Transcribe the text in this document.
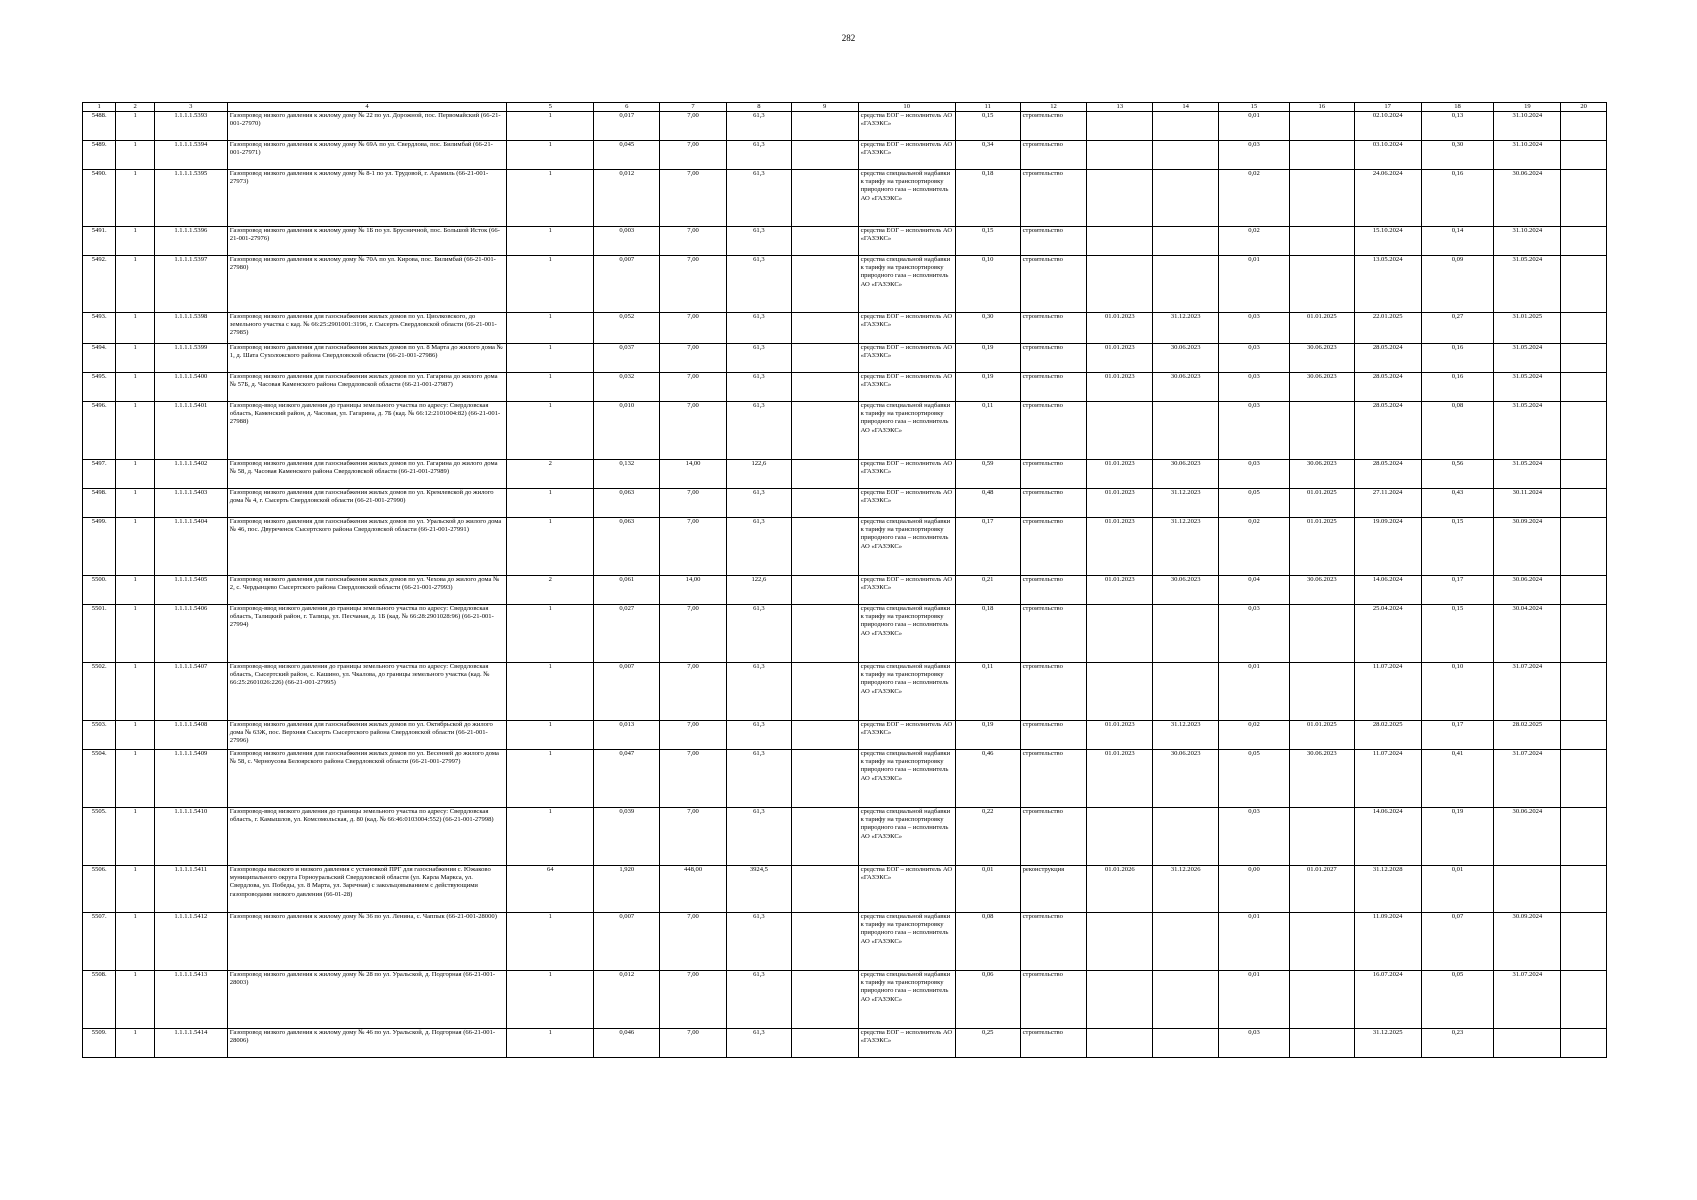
282
1	2	3	4	5	6	7	8	9	10	11	12	13	14	15	16	17	18	19	20
5488.	1	1.1.1.1.5393	Газопровод низкого давления к жилому дому № 22 по ул. Дорожной, пос. Первомайский (66-21-001-27970)	1	0,017	7,00	61,3		средства ЕОГ – исполнитель АО «ГАЗЭКС»	0,15	строительство			0,01		02.10.2024	0,13	31.10.2024	
5489.	1	1.1.1.1.5394	Газопровод низкого давления к жилому дому № 69А по ул. Свердлова, пос. Билимбай (66-21-001-27971)	1	0,045	7,00	61,3		средства ЕОГ – исполнитель АО «ГАЗЭКС»	0,34	строительство			0,03		03.10.2024	0,30	31.10.2024	
5490.	1	1.1.1.1.5395	Газопровод низкого давления к жилому дому № 8-1 по ул. Трудовой, г. Арамиль (66-21-001-27973)	1	0,012	7,00	61,3		средства специальной надбавки к тарифу на транспортировку природного газа – исполнитель АО «ГАЗЭКС»	0,18	строительство			0,02		24.06.2024	0,16	30.06.2024	
5491.	1	1.1.1.1.5396	Газопровод низкого давления к жилому дому № 1Б по ул. Брусничной, пос. Большой Исток (66-21-001-27976)	1	0,003	7,00	61,3		средства ЕОГ – исполнитель АО «ГАЗЭКС»	0,15	строительство			0,02		15.10.2024	0,14	31.10.2024	
5492.	1	1.1.1.1.5397	Газопровод низкого давления к жилому дому № 70А по ул. Кирова, пос. Билимбай (66-21-001-27980)	1	0,007	7,00	61,3		средства специальной надбавки к тарифу на транспортировку природного газа – исполнитель АО «ГАЗЭКС»	0,10	строительство			0,01		13.05.2024	0,09	31.05.2024	
5493.	1	1.1.1.1.5398	Газопровод низкого давления для газоснабжения жилых домов по ул. Циолковского, до земельного участка с кад. № 66:25:2901001:3196, г. Сысерть Свердловской области (66-21-001-27985)	1	0,052	7,00	61,3		средства ЕОГ – исполнитель АО «ГАЗЭКС»	0,30	строительство	01.01.2023	31.12.2023	0,03	01.01.2025	22.01.2025	0,27	31.01.2025	
5494.	1	1.1.1.1.5399	Газопровод низкого давления для газоснабжения жилых домов по ул. 8 Марта до жилого дома № 1, д. Шата Сухоложского района Свердловской области (66-21-001-27986)	1	0,037	7,00	61,3		средства ЕОГ – исполнитель АО «ГАЗЭКС»	0,19	строительство	01.01.2023	30.06.2023	0,03	30.06.2023	28.05.2024	0,16	31.05.2024	
5495.	1	1.1.1.1.5400	Газопровод низкого давления для газоснабжения жилых домов по ул. Гагарина до жилого дома № 57Б, д. Часовая Каменского района Свердловской области (66-21-001-27987)	1	0,032	7,00	61,3		средства ЕОГ – исполнитель АО «ГАЗЭКС»	0,19	строительство	01.01.2023	30.06.2023	0,03	30.06.2023	28.05.2024	0,16	31.05.2024	
5496.	1	1.1.1.1.5401	Газопровод-ввод низкого давления до границы земельного участка по адресу: Свердловская область, Каменский район, д. Часовая, ул. Гагарина, д. 7Б (кад. № 66:12:2101004:82) (66-21-001-27988)	1	0,010	7,00	61,3		средства специальной надбавки к тарифу на транспортировку природного газа – исполнитель АО «ГАЗЭКС»	0,11	строительство			0,03		28.05.2024	0,08	31.05.2024	
5497.	1	1.1.1.1.5402	Газопровод низкого давления для газоснабжения жилых домов по ул. Гагарина до жилого дома № 58, д. Часовая Каменского района Свердловской области (66-21-001-27989)	2	0,132	14,00	122,6		средства ЕОГ – исполнитель АО «ГАЗЭКС»	0,59	строительство	01.01.2023	30.06.2023	0,03	30.06.2023	28.05.2024	0,56	31.05.2024	
5498.	1	1.1.1.1.5403	Газопровод низкого давления для газоснабжения жилых домов по ул. Кремлевской до жилого дома № 4, г. Сысерть Свердловской области (66-21-001-27990)	1	0,063	7,00	61,3		средства ЕОГ – исполнитель АО «ГАЗЭКС»	0,48	строительство	01.01.2023	31.12.2023	0,05	01.01.2025	27.11.2024	0,43	30.11.2024	
5499.	1	1.1.1.1.5404	Газопровод низкого давления для газоснабжения жилых домов по ул. Уральской до жилого дома № 46, пос. Двуреченск Сысертского района Свердловской области (66-21-001-27991)	1	0,063	7,00	61,3		средства специальной надбавки к тарифу на транспортировку природного газа – исполнитель АО «ГАЗЭКС»	0,17	строительство	01.01.2023	31.12.2023	0,02	01.01.2025	19.09.2024	0,15	30.09.2024	
5500.	1	1.1.1.1.5405	Газопровод низкого давления для газоснабжения жилых домов по ул. Чехова до жилого дома № 2, с. Чердынцево Сысертского района Свердловской области (66-21-001-27993)	2	0,061	14,00	122,6		средства ЕОГ – исполнитель АО «ГАЗЭКС»	0,21	строительство	01.01.2023	30.06.2023	0,04	30.06.2023	14.06.2024	0,17	30.06.2024	
5501.	1	1.1.1.1.5406	Газопровод-ввод низкого давления до границы земельного участка по адресу: Свердловская область, Талицкий район, г. Талица, ул. Песчаная, д. 1Б (кад. № 66:28:2901028:96) (66-21-001-27994)	1	0,027	7,00	61,3		средства специальной надбавки к тарифу на транспортировку природного газа – исполнитель АО «ГАЗЭКС»	0,18	строительство			0,03		25.04.2024	0,15	30.04.2024	
5502.	1	1.1.1.1.5407	Газопровод-ввод низкого давления до границы земельного участка по адресу: Свердловская область, Сысертский район, с. Кашино, ул. Чкалова, до границы земельного участка (кад. № 66:25:2601026:226) (66-21-001-27995)	1	0,007	7,00	61,3		средства специальной надбавки к тарифу на транспортировку природного газа – исполнитель АО «ГАЗЭКС»	0,11	строительство			0,01		11.07.2024	0,10	31.07.2024	
5503.	1	1.1.1.1.5408	Газопровод низкого давления для газоснабжения жилых домов по ул. Октябрьской до жилого дома № 63Ж, пос. Верхняя Сысерть Сысертского района Свердловской области (66-21-001-27996)	1	0,013	7,00	61,3		средства ЕОГ – исполнитель АО «ГАЗЭКС»	0,19	строительство	01.01.2023	31.12.2023	0,02	01.01.2025	28.02.2025	0,17	28.02.2025	
5504.	1	1.1.1.1.5409	Газопровод низкого давления для газоснабжения жилых домов по ул. Весенней до жилого дома № 58, с. Черноусова Белоярского района Свердловской области (66-21-001-27997)	1	0,047	7,00	61,3		средства специальной надбавки к тарифу на транспортировку природного газа – исполнитель АО «ГАЗЭКС»	0,46	строительство	01.01.2023	30.06.2023	0,05	30.06.2023	11.07.2024	0,41	31.07.2024	
5505.	1	1.1.1.1.5410	Газопровод-ввод низкого давления до границы земельного участка по адресу: Свердловская область, г. Камышлов, ул. Комсомольская, д. 80 (кад. № 66:46:0103004:552) (66-21-001-27998)	1	0,039	7,00	61,3		средства специальной надбавки к тарифу на транспортировку природного газа – исполнитель АО «ГАЗЭКС»	0,22	строительство			0,03		14.06.2024	0,19	30.06.2024	
5506.	1	1.1.1.1.5411	Газопроводы высокого и низкого давления с установкой ПРГ для газоснабжения с. Южаково муниципального округа Горноуральский Свердловской области (ул. Карла Маркса, ул. Свердлова, ул. Победы, ул. 8 Марта, ул. Заречная) с закольцовыванием с действующими газопроводами низкого давления (66-01-28)	64	1,920	448,00	3924,5		средства ЕОГ – исполнитель АО «ГАЗЭКС»	0,01	реконструкция	01.01.2026	31.12.2026	0,00	01.01.2027	31.12.2028	0,01		
5507.	1	1.1.1.1.5412	Газопровод низкого давления к жилому дому № 36 по ул. Ленина, с. Чаппык (66-21-001-28000)	1	0,007	7,00	61,3		средства специальной надбавки к тарифу на транспортировку природного газа – исполнитель АО «ГАЗЭКС»	0,08	строительство			0,01		11.09.2024	0,07	30.09.2024	
5508.	1	1.1.1.1.5413	Газопровод низкого давления к жилому дому № 28 по ул. Уральской, д. Подгорная (66-21-001-28003)	1	0,012	7,00	61,3		средства специальной надбавки к тарифу на транспортировку природного газа – исполнитель АО «ГАЗЭКС»	0,06	строительство			0,01		16.07.2024	0,05	31.07.2024	
5509.	1	1.1.1.1.5414	Газопровод низкого давления к жилому дому № 46 по ул. Уральской, д. Подгорная (66-21-001-28006)	1	0,046	7,00	61,3		средства ЕОГ – исполнитель АО «ГАЗЭКС»	0,25	строительство			0,03		31.12.2025	0,23		
